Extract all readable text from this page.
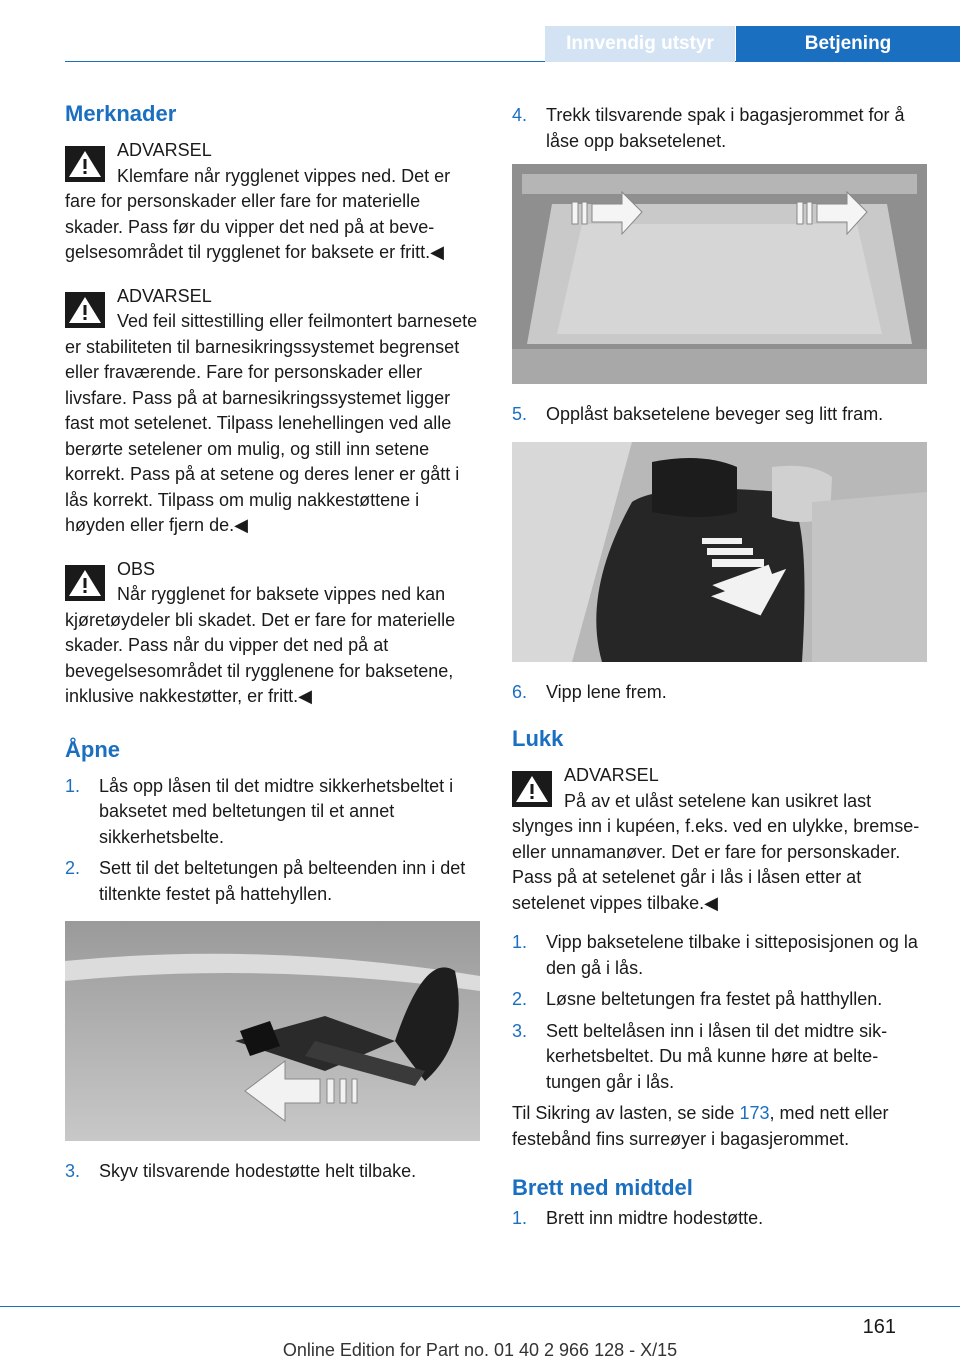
Innvendig utstyr	Betjening
Merknader
ADVARSEL
Klemfare når rygglenet vippes ned. Det er fare for personskader eller fare for materielle skader. Pass før du vipper det ned på at bevegelsesområdet til rygglenet for baksete er fritt.◀
ADVARSEL
Ved feil sittestilling eller feilmontert barnesete er stabiliteten til barnesikringssystemet begrenset eller fraværende. Fare for personskader eller livsfare. Pass på at barnesikringssystemet ligger fast mot setelenet. Tilpass lenehellingen ved alle berørte setelener om mulig, og still inn setene korrekt. Pass på at setene og deres lener er gått i lås korrekt. Tilpass om mulig nakkestøttene i høyden eller fjern de.◀
OBS
Når rygglenet for baksete vippes ned kan kjøretøydeler bli skadet. Det er fare for materielle skader. Pass når du vipper det ned på at bevegelsesområdet til rygglenene for baksetene, inklusive nakkestøtter, er fritt.◀
Åpne
1.	Lås opp låsen til det midtre sikkerhetsbeltet i baksetet med beltetungen til et annet sikkerhetsbelte.
2.	Sett til det beltetungen på belteenden inn i det tiltenkte festet på hattehyllen.
3.	Skyv tilsvarende hodestøtte helt tilbake.
4.	Trekk tilsvarende spak i bagasjerommet for å låse opp baksetelenet.
5.	Opplåst baksetelene beveger seg litt fram.
6.	Vipp lene frem.
Lukk
ADVARSEL
På av et ulåst setelene kan usikret last slynges inn i kupéen, f.eks. ved en ulykke, bremse- eller unnamanøver. Det er fare for personskader. Pass på at setelenet går i lås i låsen etter at setelenet vippes tilbake.◀
1.	Vipp baksetelene tilbake i sitteposisjonen og la den gå i lås.
2.	Løsne beltetungen fra festet på hatthyllen.
3.	Sett beltelåsen inn i låsen til det midtre sikkerhetsbeltet. Du må kunne høre at beltetungen går i lås.

Til Sikring av lasten, se side 173, med nett eller festebånd fins surreøyer i bagasjerommet.

Brett ned midtdel
1.	Brett inn midtre hodestøtte.
161
Online Edition for Part no. 01 40 2 966 128 - X/15
